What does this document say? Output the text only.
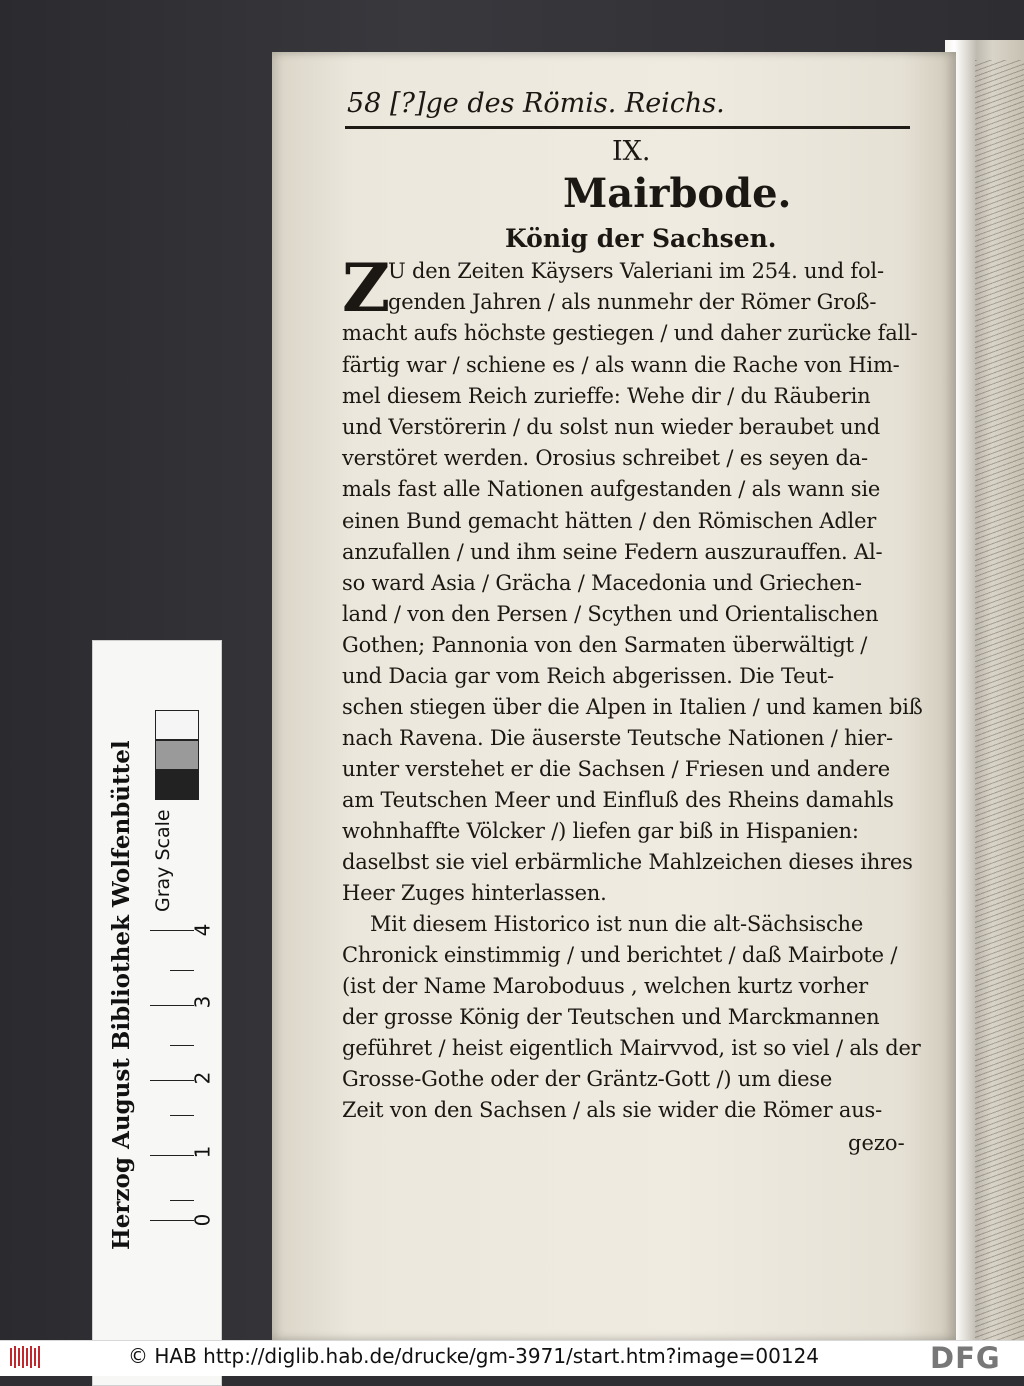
58 [?]ge des Römis. Reichs.
IX.
Mairbode.
König der Sachsen.
Z
U den Zeiten Käysers Valeriani im 254. und fol-
genden Jahren / als nunmehr der Römer Groß-
macht aufs höchste gestiegen / und daher zurücke fall-
färtig war / schiene es / als wann die Rache von Him-
mel diesem Reich zurieffe: Wehe dir / du Räuberin
und Verstörerin / du solst nun wieder beraubet und
verstöret werden. Orosius schreibet / es seyen da-
mals fast alle Nationen aufgestanden / als wann sie
einen Bund gemacht hätten / den Römischen Adler
anzufallen / und ihm seine Federn auszurauffen. Al-
so ward Asia / Grächa / Macedonia und Griechen-
land / von den Persen / Scythen und Orientalischen
Gothen; Pannonia von den Sarmaten überwältigt /
und Dacia gar vom Reich abgerissen. Die Teut-
schen stiegen über die Alpen in Italien / und kamen biß
nach Ravena. Die äuserste Teutsche Nationen / hier-
unter verstehet er die Sachsen / Friesen und andere
am Teutschen Meer und Einfluß des Rheins damahls
wohnhaffte Völcker /) liefen gar biß in Hispanien:
daselbst sie viel erbärmliche Mahlzeichen dieses ihres
Heer Zuges hinterlassen.
Mit diesem Historico ist nun die alt-Sächsische
Chronick einstimmig / und berichtet / daß Mairbote /
(ist der Name Maroboduus , welchen kurtz vorher
der grosse König der Teutschen und Marckmannen
geführet / heist eigentlich Mairvvod, ist so viel / als der
Grosse-Gothe oder der Gräntz-Gott /) um diese
Zeit von den Sachsen / als sie wider die Römer aus-
gezo-
Herzog August Bibliothek Wolfenbüttel Gray Scale
0
1
2
3
4
© HAB http://diglib.hab.de/drucke/gm-3971/start.htm?image=00124	DFG
